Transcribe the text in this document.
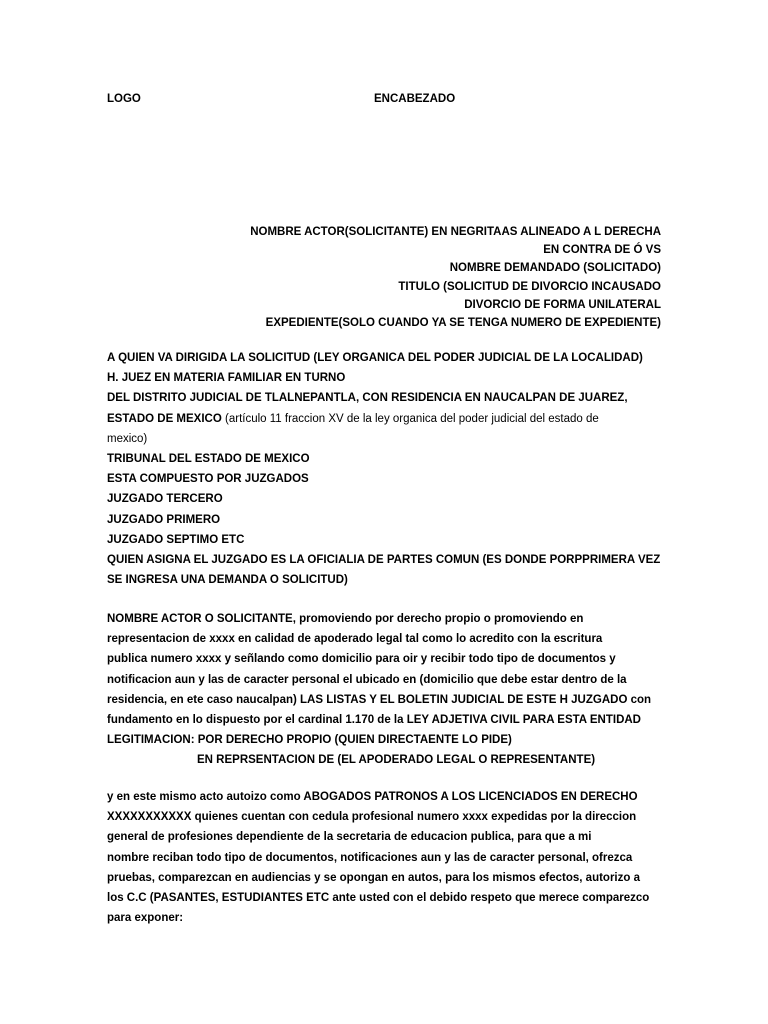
LOGO	ENCABEZADO
NOMBRE ACTOR(SOLICITANTE) EN NEGRITAAS ALINEADO A L DERECHA
EN CONTRA DE Ó VS
NOMBRE DEMANDADO (SOLICITADO)
TITULO (SOLICITUD DE DIVORCIO INCAUSADO
DIVORCIO DE FORMA UNILATERAL
EXPEDIENTE(SOLO CUANDO YA SE TENGA NUMERO DE EXPEDIENTE)
A QUIEN VA DIRIGIDA LA SOLICITUD (LEY ORGANICA DEL PODER JUDICIAL DE LA LOCALIDAD)
H. JUEZ EN MATERIA FAMILIAR EN TURNO
DEL DISTRITO JUDICIAL DE TLALNEPANTLA, CON RESIDENCIA EN NAUCALPAN DE JUAREZ,
ESTADO DE MEXICO (artículo 11 fraccion XV de la ley organica del poder judicial del estado de
mexico)
TRIBUNAL DEL ESTADO DE MEXICO
ESTA COMPUESTO POR JUZGADOS
JUZGADO TERCERO
JUZGADO PRIMERO
JUZGADO SEPTIMO ETC
QUIEN ASIGNA EL JUZGADO ES LA OFICIALIA DE PARTES COMUN (ES DONDE PORPPRIMERA VEZ
SE INGRESA UNA DEMANDA O SOLICITUD)
NOMBRE ACTOR O SOLICITANTE, promoviendo por derecho propio o promoviendo en
representacion de xxxx en calidad de apoderado legal tal como lo acredito con la escritura
publica numero xxxx y señlando como domicilio para oir y recibir todo tipo de documentos y
notificacion aun y las de caracter personal el ubicado en (domicilio que debe estar dentro de la
residencia, en ete caso naucalpan) LAS LISTAS Y EL BOLETIN JUDICIAL DE ESTE H JUZGADO con
fundamento en lo dispuesto por el cardinal 1.170 de la LEY ADJETIVA CIVIL PARA ESTA ENTIDAD
LEGITIMACION: POR DERECHO PROPIO (QUIEN DIRECTAENTE LO PIDE)
EN REPRSENTACION DE (EL APODERADO LEGAL O REPRESENTANTE)
y en este mismo acto autoizo como ABOGADOS PATRONOS A LOS LICENCIADOS EN DERECHO
XXXXXXXXXXX quienes cuentan con cedula profesional numero xxxx expedidas por la direccion
general de profesiones dependiente de la secretaria de educacion publica, para que a mi
nombre reciban todo tipo de documentos, notificaciones aun y las de caracter personal, ofrezca
pruebas, comparezcan en audiencias y se opongan en autos, para los mismos efectos, autorizo a
los C.C (PASANTES, ESTUDIANTES ETC ante usted con el debido respeto que merece comparezco
para exponer:
